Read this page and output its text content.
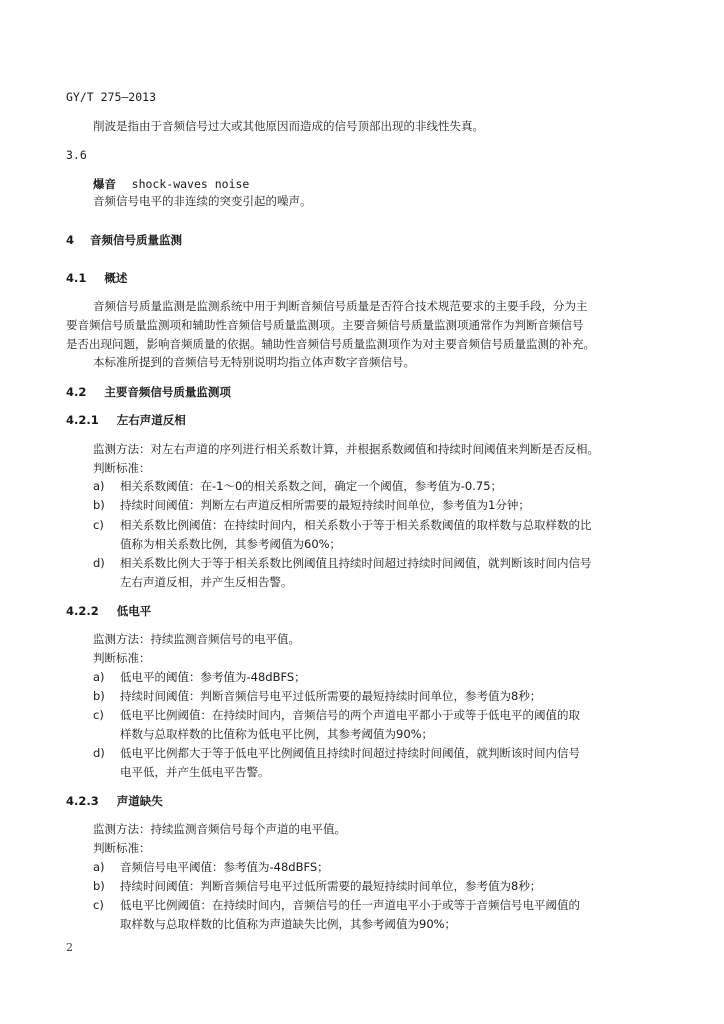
GY/T 275—2013
削波是指由于音频信号过大或其他原因而造成的信号顶部出现的非线性失真。
3.6
爆音 shock-waves noise
音频信号电平的非连续的突变引起的噪声。
4 音频信号质量监测
4.1 概述
音频信号质量监测是监测系统中用于判断音频信号质量是否符合技术规范要求的主要手段，分为主
要音频信号质量监测项和辅助性音频信号质量监测项。主要音频信号质量监测项通常作为判断音频信号
是否出现问题，影响音频质量的依据。辅助性音频信号质量监测项作为对主要音频信号质量监测的补充。
本标准所提到的音频信号无特别说明均指立体声数字音频信号。
4.2 主要音频信号质量监测项
4.2.1 左右声道反相
监测方法：对左右声道的序列进行相关系数计算，并根据系数阈值和持续时间阈值来判断是否反相。
判断标准：
a) 相关系数阈值：在-1～0的相关系数之间，确定一个阈值，参考值为-0.75；
b) 持续时间阈值：判断左右声道反相所需要的最短持续时间单位，参考值为1分钟；
c) 相关系数比例阈值：在持续时间内，相关系数小于等于相关系数阈值的取样数与总取样数的比
值称为相关系数比例，其参考阈值为60%；
d) 相关系数比例大于等于相关系数比例阈值且持续时间超过持续时间阈值，就判断该时间内信号
左右声道反相，并产生反相告警。
4.2.2 低电平
监测方法：持续监测音频信号的电平值。
判断标准：
a) 低电平的阈值：参考值为-48dBFS；
b) 持续时间阈值：判断音频信号电平过低所需要的最短持续时间单位，参考值为8秒；
c) 低电平比例阈值：在持续时间内，音频信号的两个声道电平都小于或等于低电平的阈值的取
样数与总取样数的比值称为低电平比例，其参考阈值为90%；
d) 低电平比例都大于等于低电平比例阈值且持续时间超过持续时间阈值，就判断该时间内信号
电平低，并产生低电平告警。
4.2.3 声道缺失
监测方法：持续监测音频信号每个声道的电平值。
判断标准：
a) 音频信号电平阈值：参考值为-48dBFS；
b) 持续时间阈值：判断音频信号电平过低所需要的最短持续时间单位，参考值为8秒；
c) 低电平比例阈值：在持续时间内，音频信号的任一声道电平小于或等于音频信号电平阈值的
取样数与总取样数的比值称为声道缺失比例，其参考阈值为90%；
2
